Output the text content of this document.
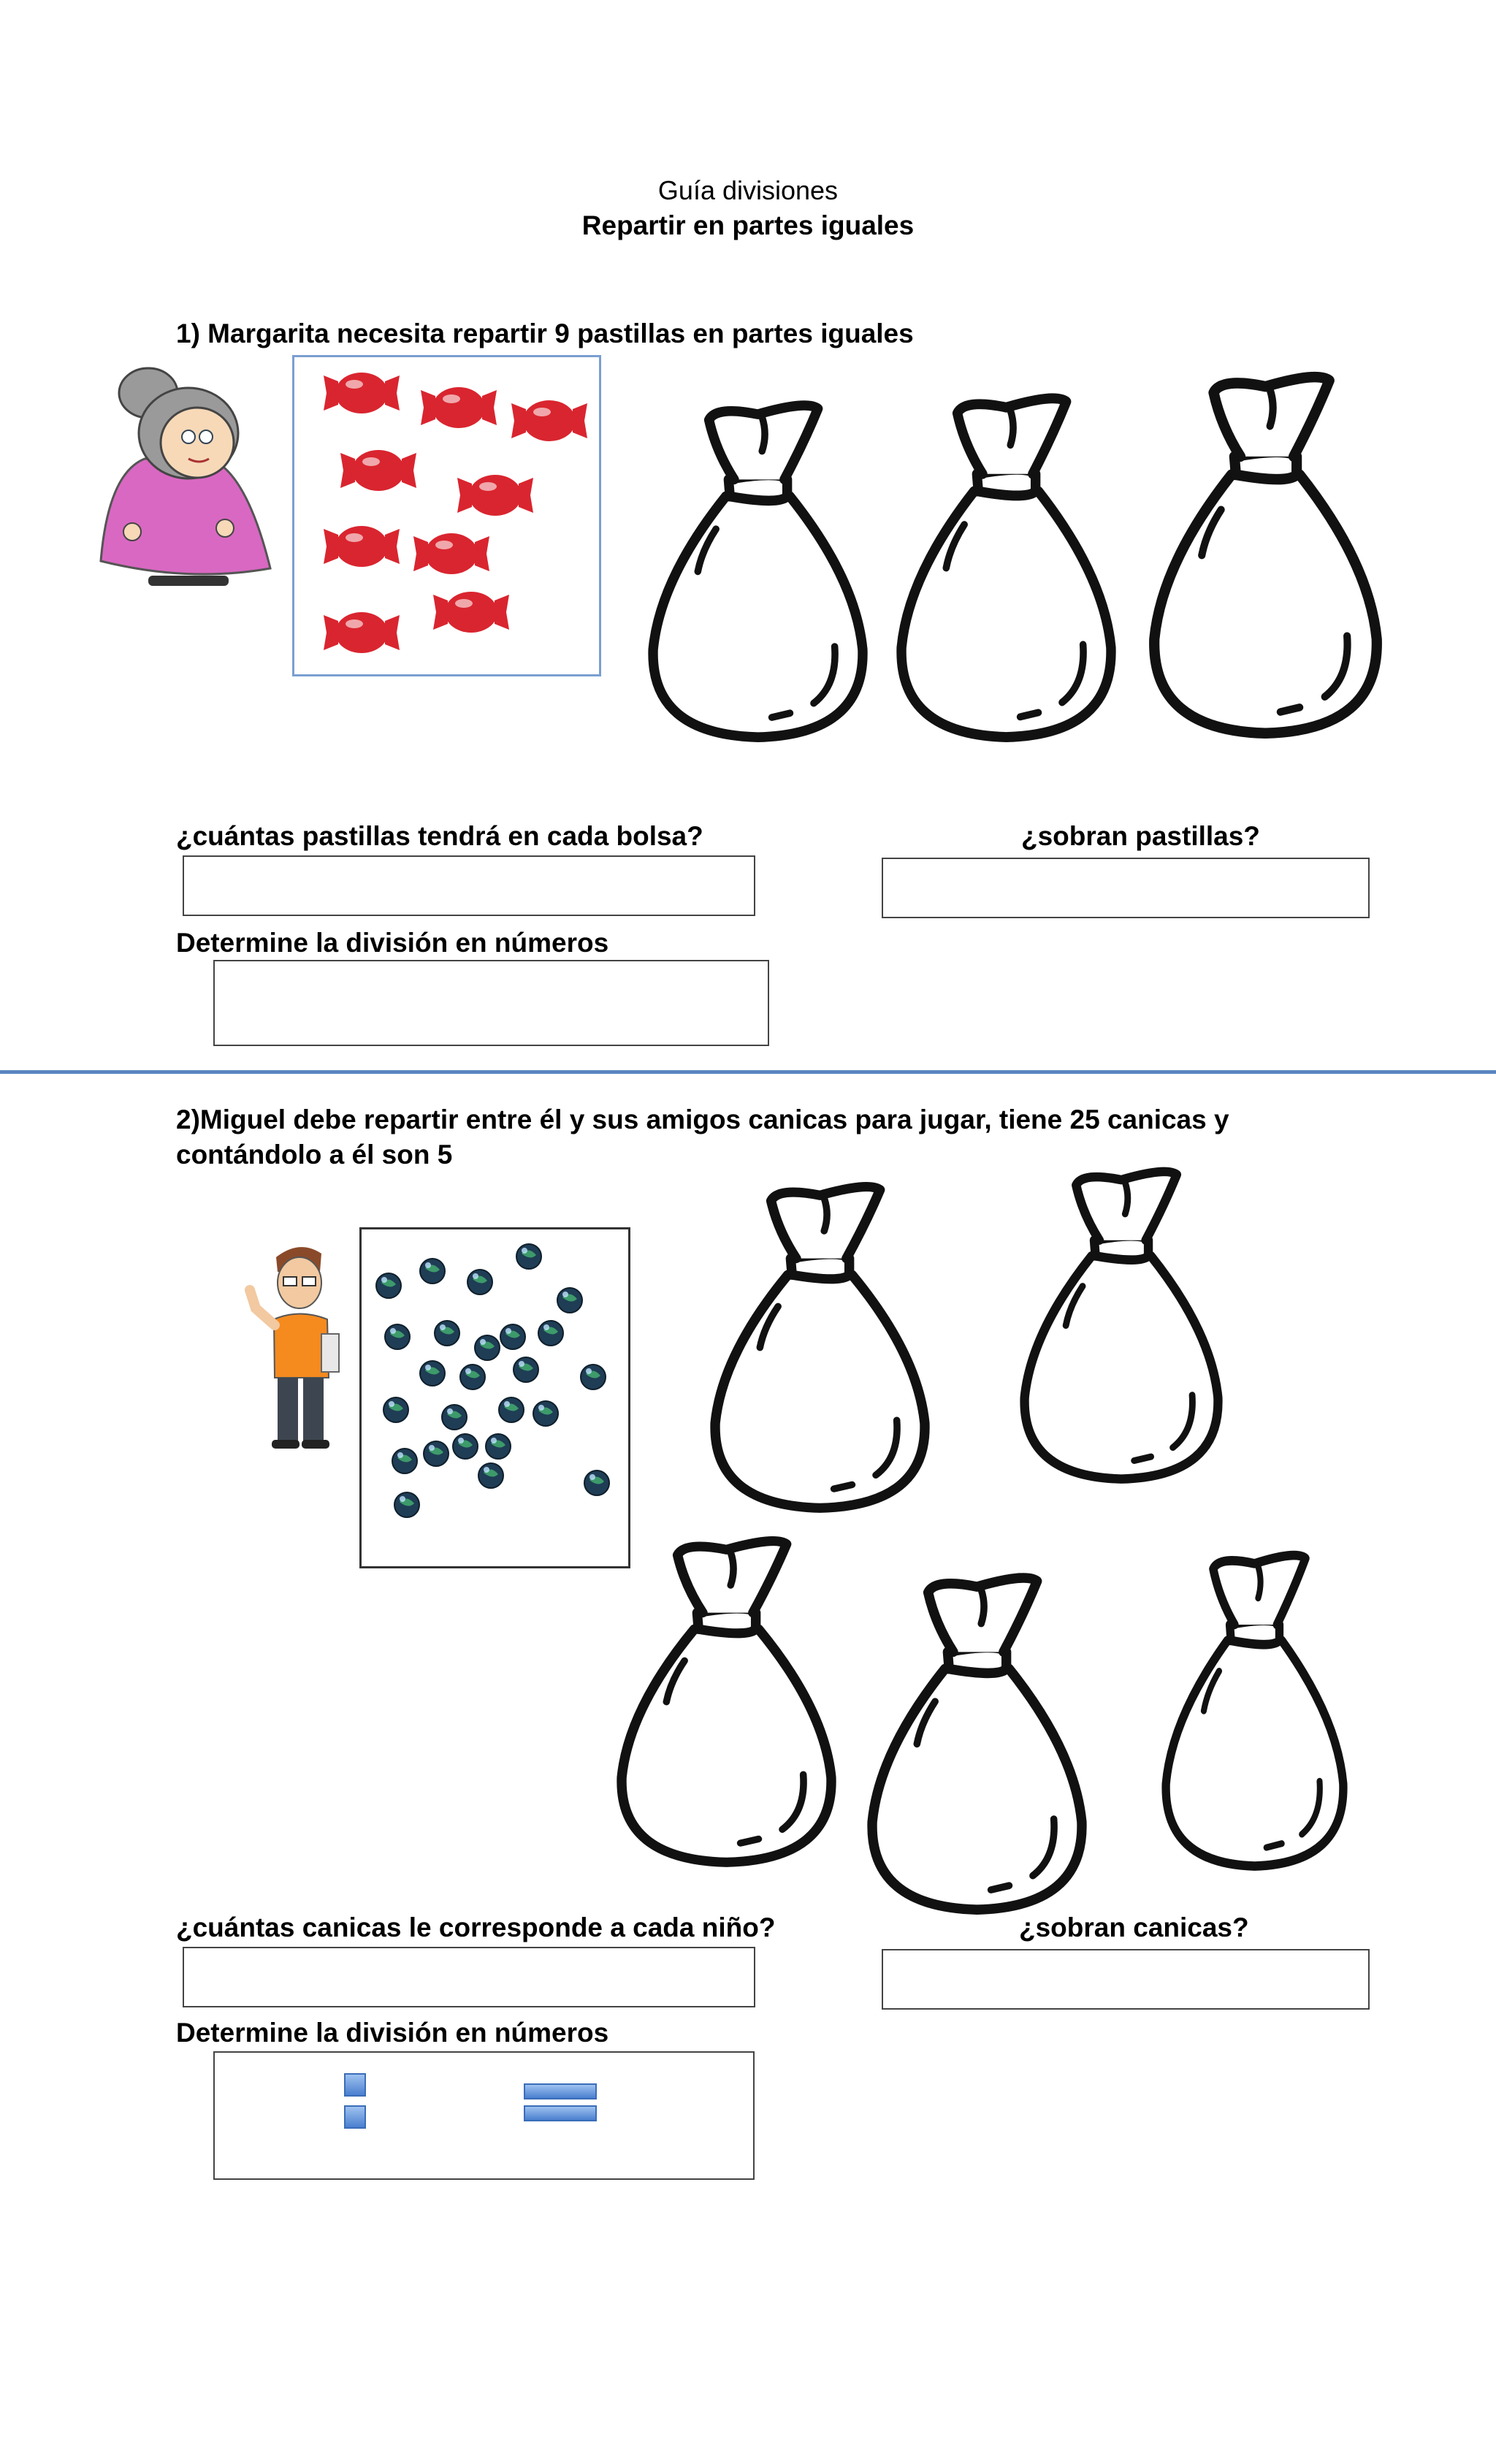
Guía divisiones
Repartir en partes iguales
1) Margarita necesita repartir 9 pastillas en partes iguales
¿cuántas pastillas tendrá en cada bolsa?	¿sobran pastillas?
Determine la división en números
2)Miguel debe repartir entre él y sus amigos canicas para jugar, tiene 25 canicas y
contándolo a él son 5
¿cuántas canicas le corresponde a cada niño?	¿sobran canicas?
Determine la división en números
